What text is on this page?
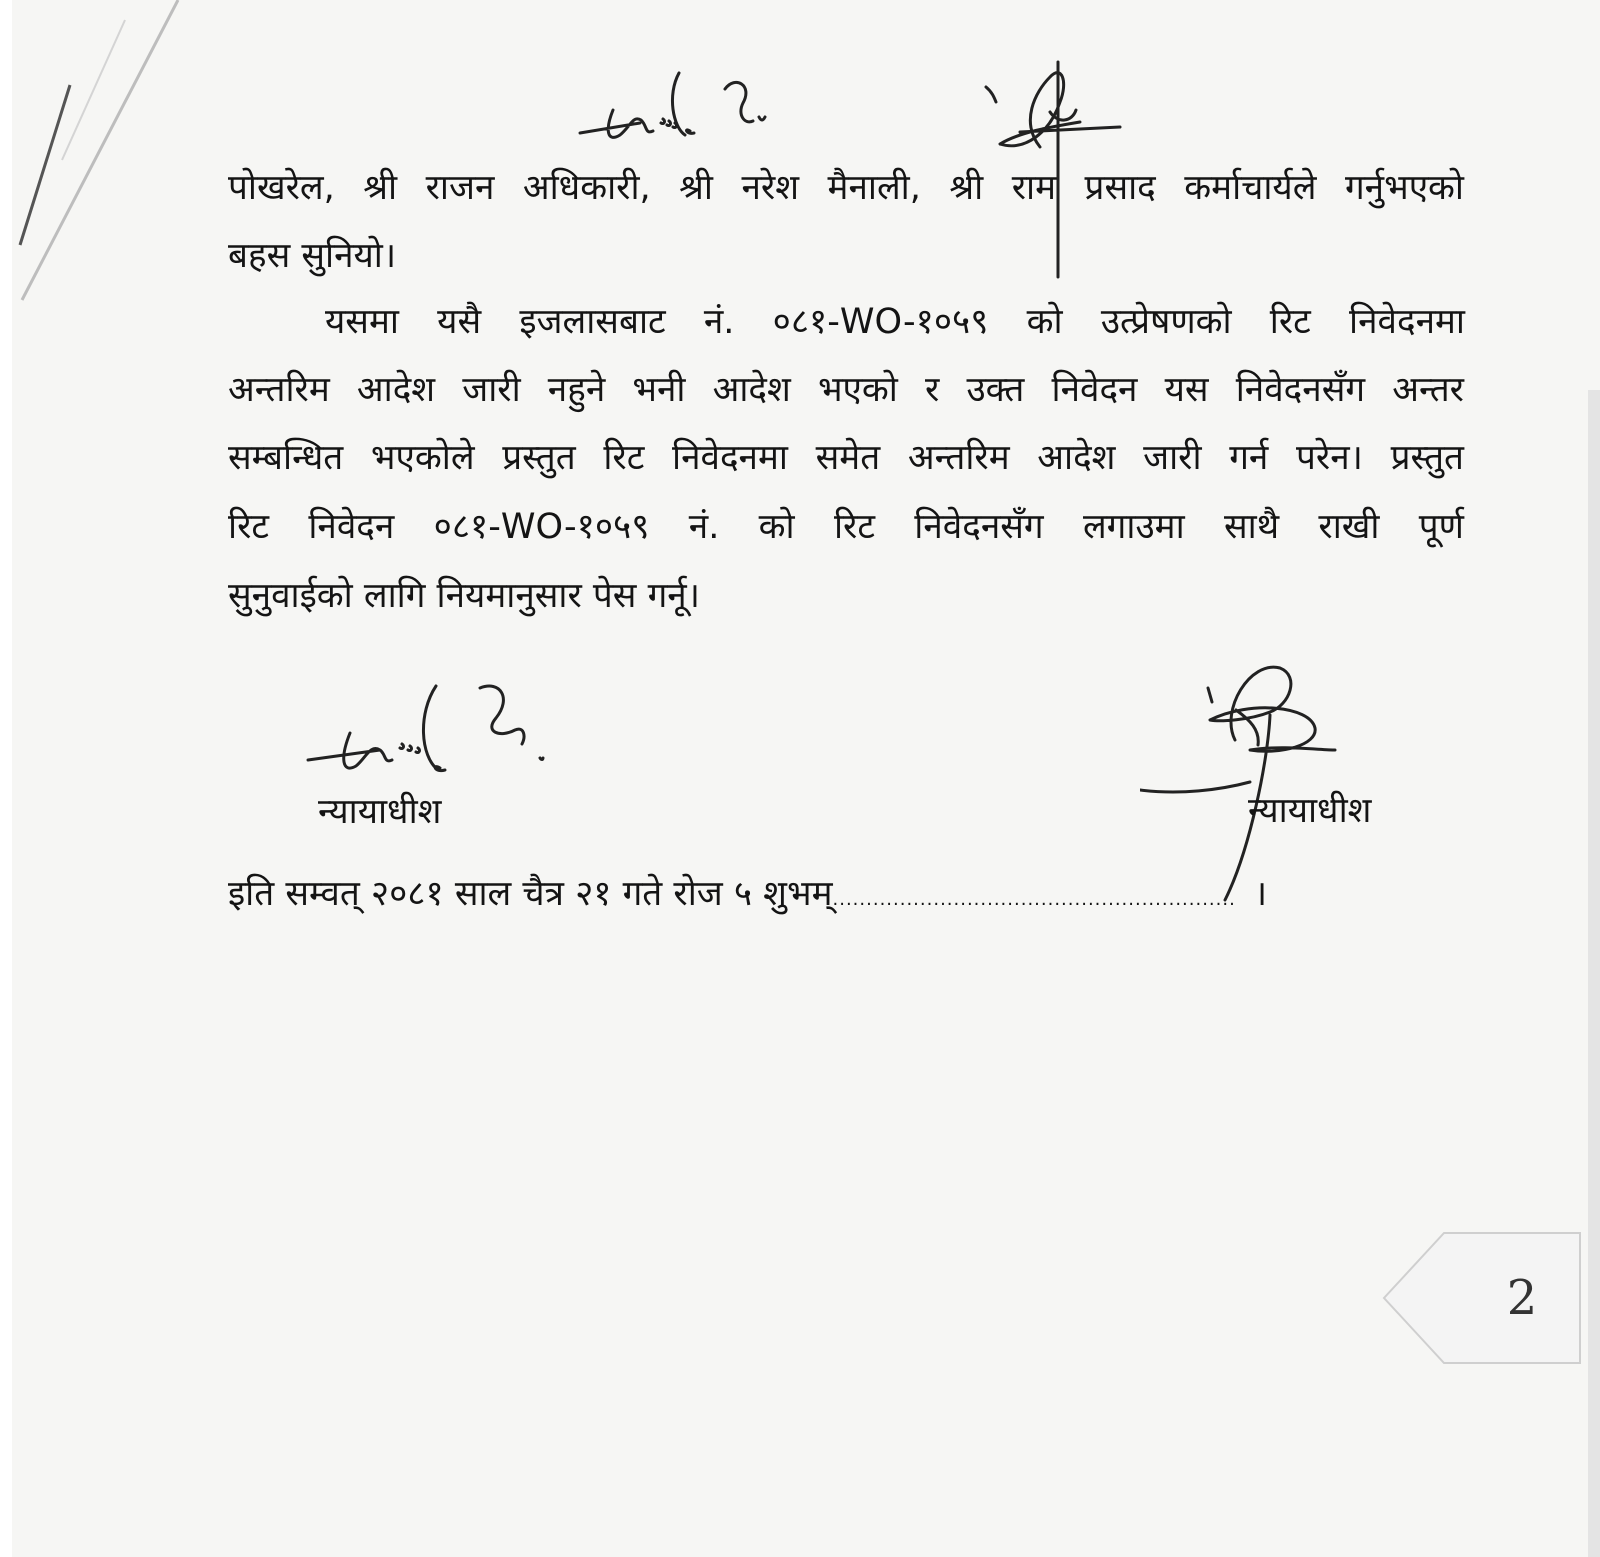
पोखरेल, श्री राजन अधिकारी, श्री नरेश मैनाली, श्री राम प्रसाद कर्माचार्यले गर्नुभएको
बहस सुनियो।
यसमा यसै इजलासबाट नं. ०८१-WO-१०५९ को उत्प्रेषणको रिट निवेदनमा
अन्तरिम आदेश जारी नहुने भनी आदेश भएको र उक्त निवेदन यस निवेदनसँग अन्तर
सम्बन्धित भएकोले प्रस्तुत रिट निवेदनमा समेत अन्तरिम आदेश जारी गर्न परेन। प्रस्तुत
रिट निवेदन ०८१-WO-१०५९ नं. को रिट निवेदनसँग लगाउमा साथै राखी पूर्ण
सुनुवाईको लागि नियमानुसार पेस गर्नू।
न्यायाधीश	न्यायाधीश
इति सम्वत् २०८१ साल चैत्र २१ गते रोज ५ शुभम्............................................................ ।
2
